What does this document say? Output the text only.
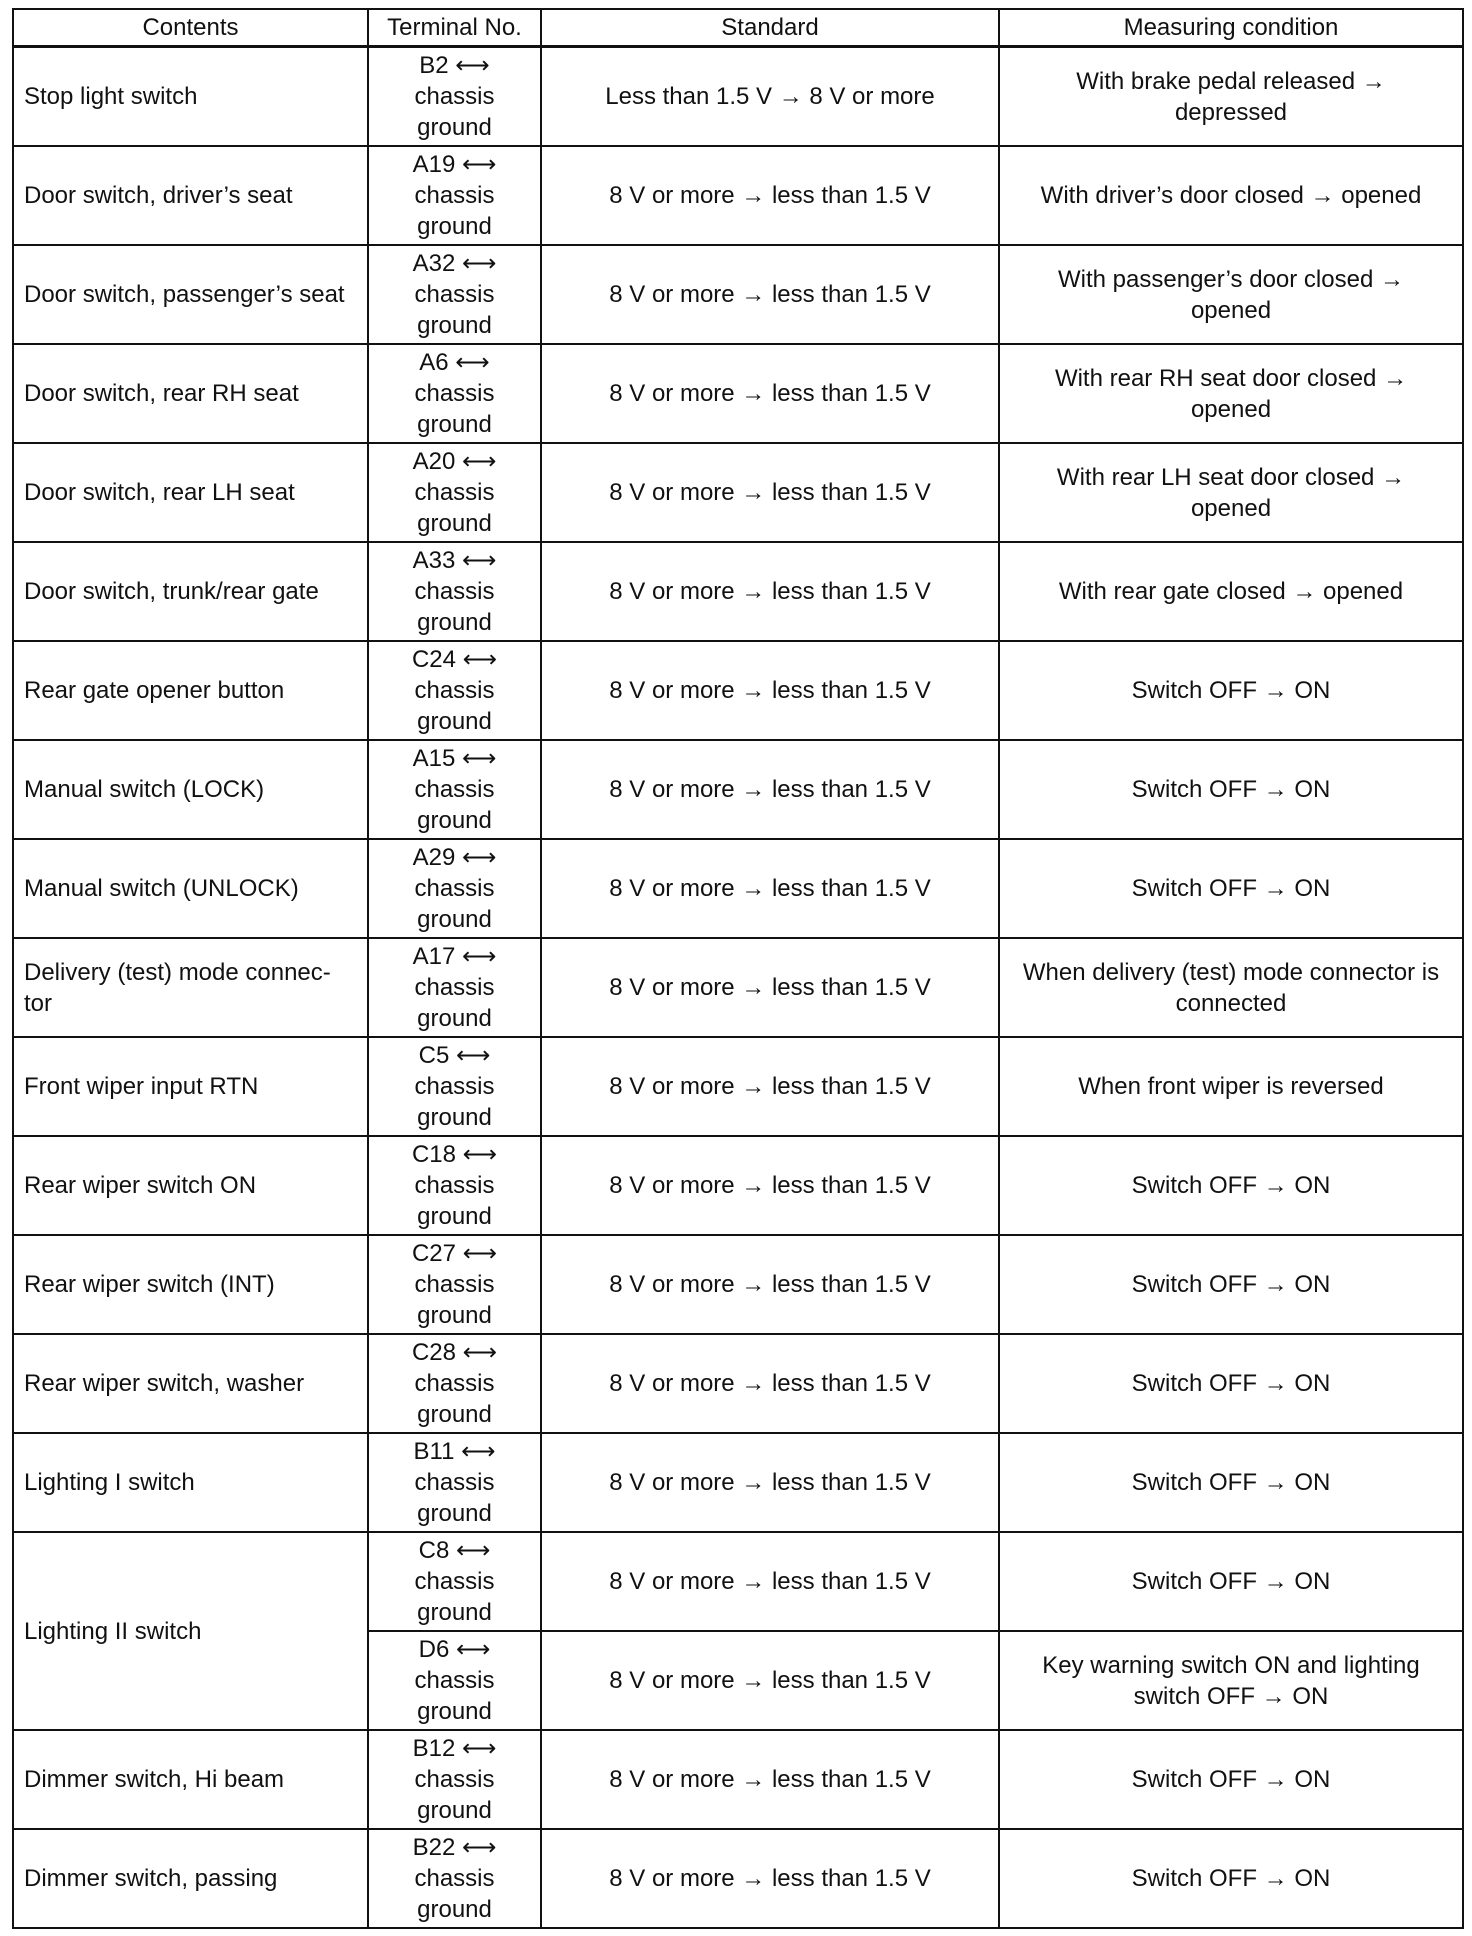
Contents	Terminal No.	Standard	Measuring condition

Stop light switch	B2 ⟷
chassis
ground	Less than 1.5 V → 8 V or more	With brake pedal released →
depressed

Door switch, driver’s seat	A19 ⟷
chassis
ground	8 V or more → less than 1.5 V	With driver’s door closed → opened

Door switch, passenger’s seat	A32 ⟷
chassis
ground	8 V or more → less than 1.5 V	With passenger’s door closed →
opened

Door switch, rear RH seat	A6 ⟷
chassis
ground	8 V or more → less than 1.5 V	With rear RH seat door closed →
opened

Door switch, rear LH seat	A20 ⟷
chassis
ground	8 V or more → less than 1.5 V	With rear LH seat door closed →
opened

Door switch, trunk/rear gate	A33 ⟷
chassis
ground	8 V or more → less than 1.5 V	With rear gate closed → opened

Rear gate opener button	C24 ⟷
chassis
ground	8 V or more → less than 1.5 V	Switch OFF → ON

Manual switch (LOCK)	A15 ⟷
chassis
ground	8 V or more → less than 1.5 V	Switch OFF → ON

Manual switch (UNLOCK)	A29 ⟷
chassis
ground	8 V or more → less than 1.5 V	Switch OFF → ON

Delivery (test) mode connec-
tor	A17 ⟷
chassis
ground	8 V or more → less than 1.5 V	When delivery (test) mode connector is
connected

Front wiper input RTN	C5 ⟷
chassis
ground	8 V or more → less than 1.5 V	When front wiper is reversed

Rear wiper switch ON	C18 ⟷
chassis
ground	8 V or more → less than 1.5 V	Switch OFF → ON

Rear wiper switch (INT)	C27 ⟷
chassis
ground	8 V or more → less than 1.5 V	Switch OFF → ON

Rear wiper switch, washer	C28 ⟷
chassis
ground	8 V or more → less than 1.5 V	Switch OFF → ON

Lighting I switch	B11 ⟷
chassis
ground	8 V or more → less than 1.5 V	Switch OFF → ON

Lighting II switch	C8 ⟷
chassis
ground	8 V or more → less than 1.5 V	Switch OFF → ON

	D6 ⟷
chassis
ground	8 V or more → less than 1.5 V	Key warning switch ON and lighting
switch OFF → ON

Dimmer switch, Hi beam	B12 ⟷
chassis
ground	8 V or more → less than 1.5 V	Switch OFF → ON

Dimmer switch, passing	B22 ⟷
chassis
ground	8 V or more → less than 1.5 V	Switch OFF → ON
